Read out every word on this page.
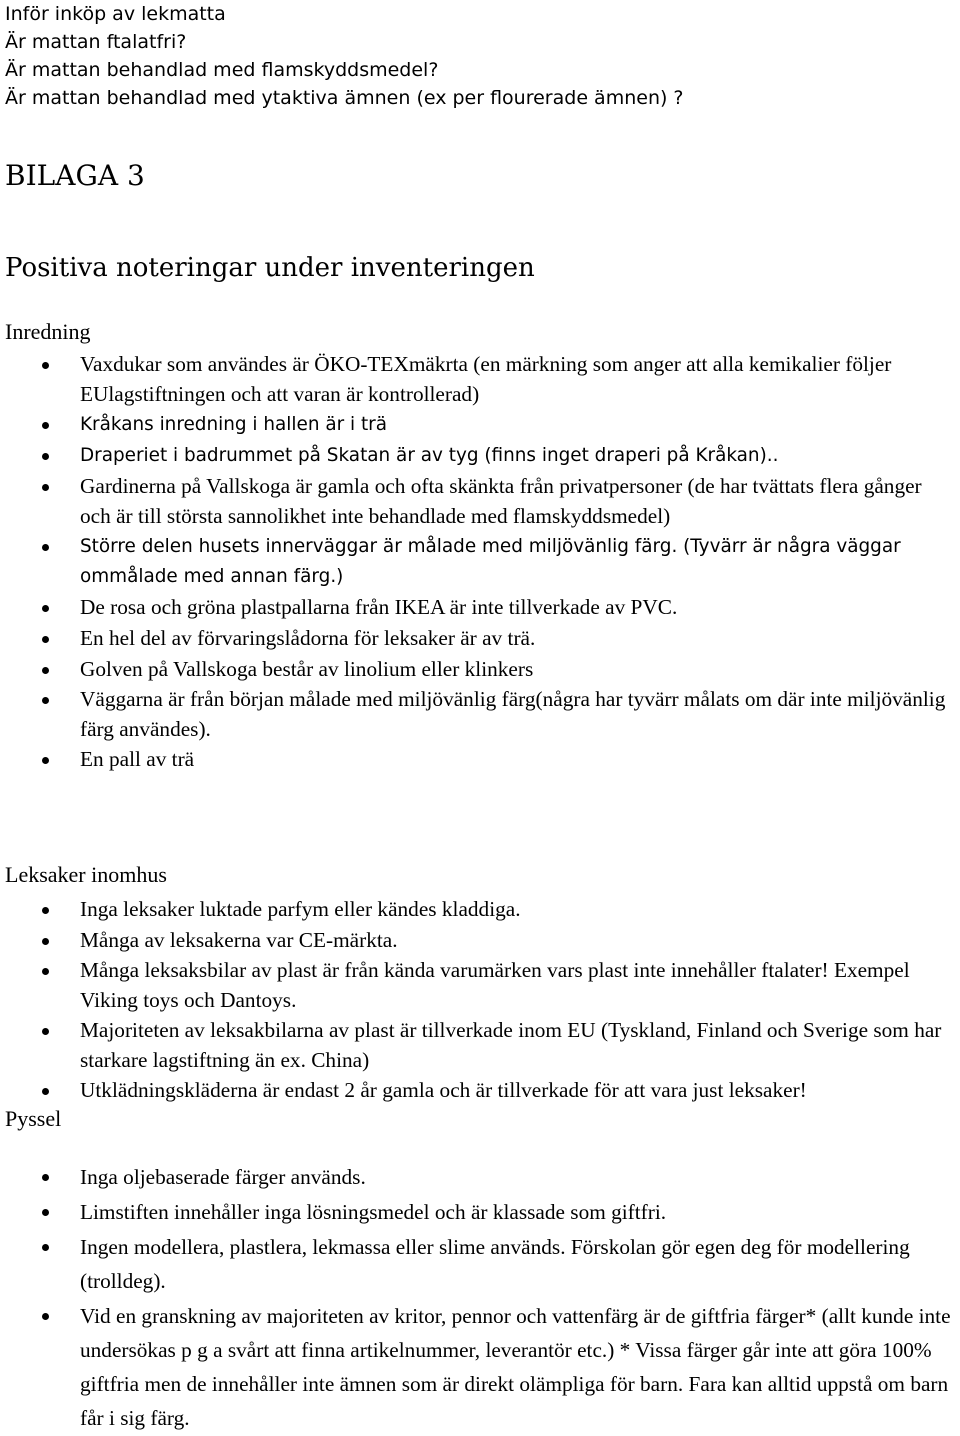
Inför inköp av lekmatta
Är mattan ftalatfri?
Är mattan behandlad med flamskyddsmedel?
Är mattan behandlad med ytaktiva ämnen (ex per flourerade ämnen) ?
BILAGA 3
Positiva noteringar under inventeringen
Inredning
Vaxdukar som användes är ÖKO-TEXmäkrta (en märkning som anger att alla kemikalier följer EUlagstiftningen och att varan är kontrollerad)
Kråkans inredning i hallen är i trä
Draperiet i badrummet på Skatan är av tyg (finns inget draperi på Kråkan)..
Gardinerna på Vallskoga är gamla och ofta skänkta från privatpersoner (de har tvättats flera gånger och är till största sannolikhet inte behandlade med flamskyddsmedel)
Större delen husets innerväggar är målade med miljövänlig färg. (Tyvärr är några väggar ommålade med annan färg.)
De rosa och gröna plastpallarna från IKEA är inte tillverkade av PVC.
En hel del av förvaringslådorna för leksaker är av trä.
Golven på Vallskoga består av linolium eller klinkers
Väggarna är från början målade med miljövänlig färg(några har tyvärr målats om där inte miljövänlig färg användes).
En pall av trä
Leksaker inomhus
Inga leksaker luktade parfym eller kändes kladdiga.
Många av leksakerna var CE-märkta.
Många leksaksbilar av plast är från kända varumärken vars plast inte innehåller ftalater! Exempel Viking toys och Dantoys.
Majoriteten av leksakbilarna av plast är tillverkade inom EU (Tyskland, Finland och Sverige som har starkare lagstiftning än ex. China)
Utklädningskläderna är endast 2 år gamla och är tillverkade för att vara just leksaker!
Pyssel
Inga oljebaserade färger används.
Limstiften innehåller inga lösningsmedel och är klassade som giftfri.
Ingen modellera, plastlera, lekmassa eller slime används. Förskolan gör egen deg för modellering (trolldeg).
Vid en granskning av majoriteten av kritor, pennor och vattenfärg är de giftfria färger* (allt kunde inte undersökas p g a svårt att finna artikelnummer, leverantör etc.) * Vissa färger går inte att göra 100% giftfria men de innehåller inte ämnen som är direkt olämpliga för barn. Fara kan alltid uppstå om barn får i sig färg.
